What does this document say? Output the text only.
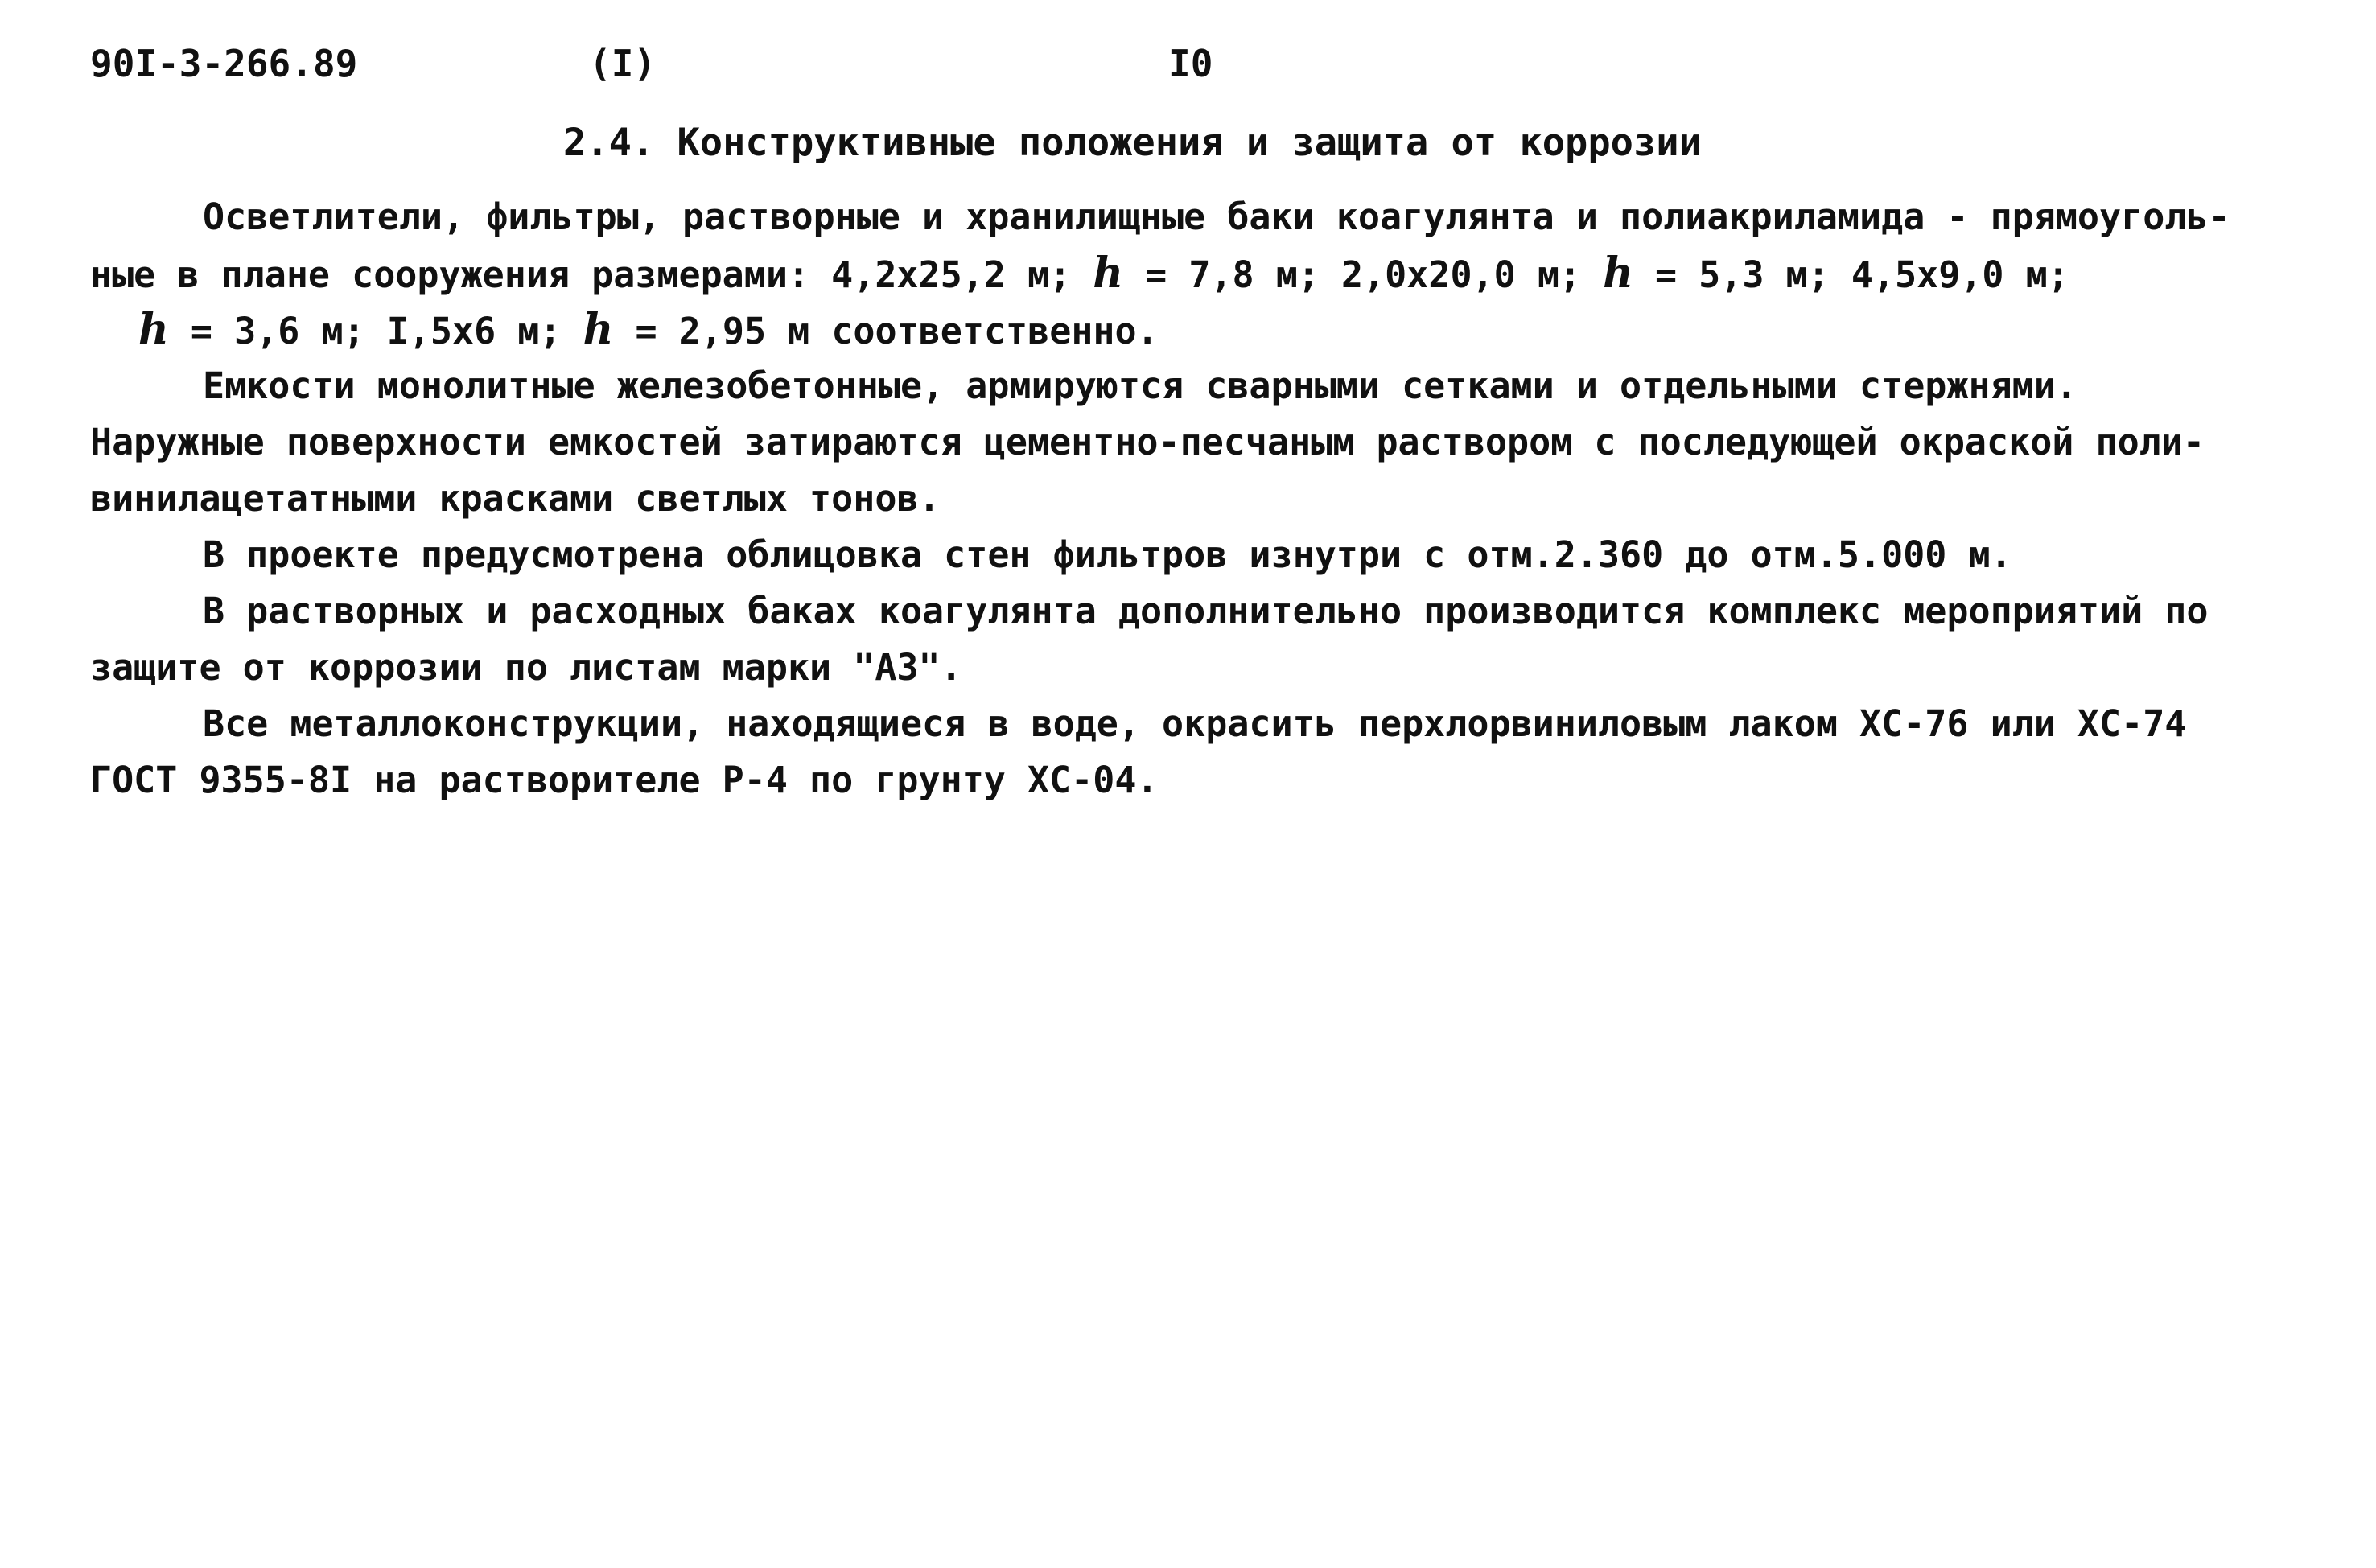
90I-3-266.89	(I)	I0
2.4. Конструктивные положения и защита от коррозии
Осветлители, фильтры, растворные и хранилищные баки коагулянта и полиакриламида - прямоуголь-
ные в плане сооружения размерами: 4,2х25,2 м; h = 7,8 м; 2,0х20,0 м; h = 5,3 м; 4,5х9,0 м;
h = 3,6 м; I,5х6 м; h = 2,95 м соответственно.
Емкости монолитные железобетонные, армируются сварными сетками и отдельными стержнями.
Наружные поверхности емкостей затираются цементно-песчаным раствором с последующей окраской поли-
винилацетатными красками светлых тонов.
В проекте предусмотрена облицовка стен фильтров изнутри с отм.2.360 до отм.5.000 м.
В растворных и расходных баках коагулянта дополнительно производится комплекс мероприятий по
защите от коррозии по листам марки "АЗ".
Все металлоконструкции, находящиеся в воде, окрасить перхлорвиниловым лаком ХС-76 или ХС-74
ГОСТ 9355-8I на растворителе Р-4 по грунту ХС-04.
